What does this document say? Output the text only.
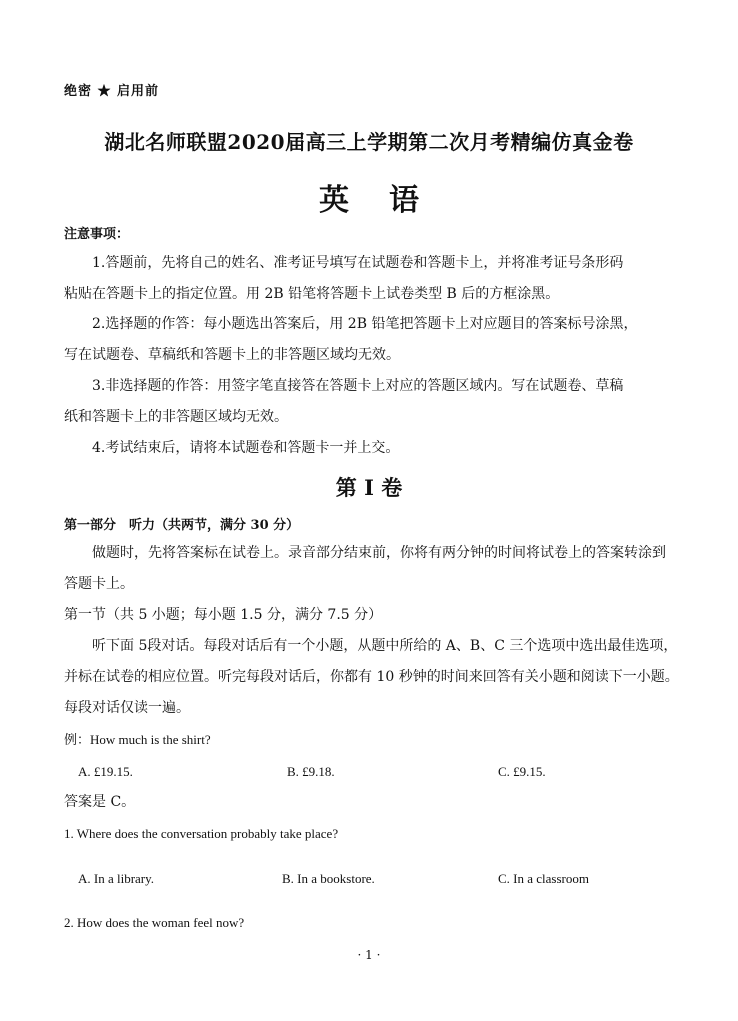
绝密 ★ 启用前
湖北名师联盟2020届高三上学期第二次月考精编仿真金卷
英 语
注意事项：
1.答题前，先将自己的姓名、准考证号填写在试题卷和答题卡上，并将准考证号条形码
粘贴在答题卡上的指定位置。用 2B 铅笔将答题卡上试卷类型 B 后的方框涂黑。
2.选择题的作答：每小题选出答案后，用 2B 铅笔把答题卡上对应题目的答案标号涂黑，
写在试题卷、草稿纸和答题卡上的非答题区域均无效。
3.非选择题的作答：用签字笔直接答在答题卡上对应的答题区域内。写在试题卷、草稿
纸和答题卡上的非答题区域均无效。
4.考试结束后，请将本试题卷和答题卡一并上交。
第 I 卷
第一部分　听力（共两节，满分 30 分）
做题时，先将答案标在试卷上。录音部分结束前，你将有两分钟的时间将试卷上的答案转涂到
答题卡上。
第一节（共 5 小题；每小题 1.5 分，满分 7.5 分）
听下面 5段对话。每段对话后有一个小题，从题中所给的 A、B、C 三个选项中选出最佳选项，
并标在试卷的相应位置。听完每段对话后，你都有 10 秒钟的时间来回答有关小题和阅读下一小题。
每段对话仅读一遍。
例：How much is the shirt?
A. £19.15.	B. £9.18.	C. £9.15.
答案是 C。
1. Where does the conversation probably take place?
A. In a library.	B. In a bookstore.	C. In a classroom
2. How does the woman feel now?
· 1 ·
